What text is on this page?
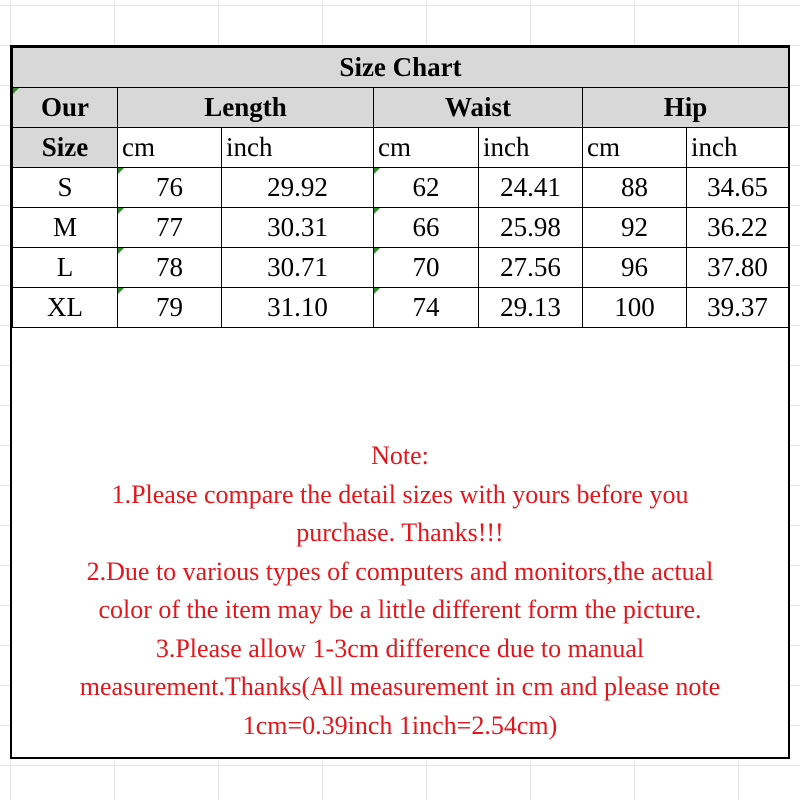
Size Chart						
Our	Length		Waist		Hip	
Size	cm	inch	cm	inch	cm	inch
S	76	29.92	62	24.41	88	34.65
M	77	30.31	66	25.98	92	36.22
L	78	30.71	70	27.56	96	37.80
XL	79	31.10	74	29.13	100	39.37
Note:
1.Please compare the detail sizes with yours before you
purchase. Thanks!!!
2.Due to various types of computers and monitors,the actual
color of the item may be a little different form the picture.
3.Please allow 1-3cm difference due to manual
measurement.Thanks(All measurement in cm and please note
1cm=0.39inch 1inch=2.54cm)
